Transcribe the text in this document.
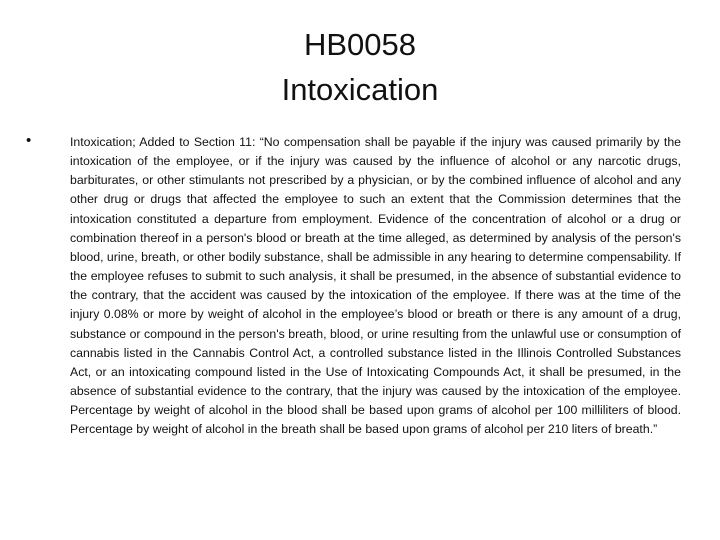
HB0058
Intoxication
•	Intoxication; Added to Section 11: “No compensation shall be payable if the injury was caused primarily by the intoxication of the employee, or if the injury was caused by the influence of alcohol or any narcotic drugs, barbiturates, or other stimulants not prescribed by a physician, or by the combined influence of alcohol and any other drug or drugs that affected the employee to such an extent that the Commission determines that the intoxication constituted a departure from employment. Evidence of the concentration of alcohol or a drug or combination thereof in a person's blood or breath at the time alleged, as determined by analysis of the person's blood, urine, breath, or other bodily substance, shall be admissible in any hearing to determine compensability. If the employee refuses to submit to such analysis, it shall be presumed, in the absence of substantial evidence to the contrary, that the accident was caused by the intoxication of the employee. If there was at the time of the injury 0.08% or more by weight of alcohol in the employee’s blood or breath or there is any amount of a drug, substance or compound in the person's breath, blood, or urine resulting from the unlawful use or consumption of cannabis listed in the Cannabis Control Act, a controlled substance listed in the Illinois Controlled Substances Act, or an intoxicating compound listed in the Use of Intoxicating Compounds Act, it shall be presumed, in the absence of substantial evidence to the contrary, that the injury was caused by the intoxication of the employee. Percentage by weight of alcohol in the blood shall be based upon grams of alcohol per 100 milliliters of blood. Percentage by weight of alcohol in the breath shall be based upon grams of alcohol per 210 liters of breath.”
